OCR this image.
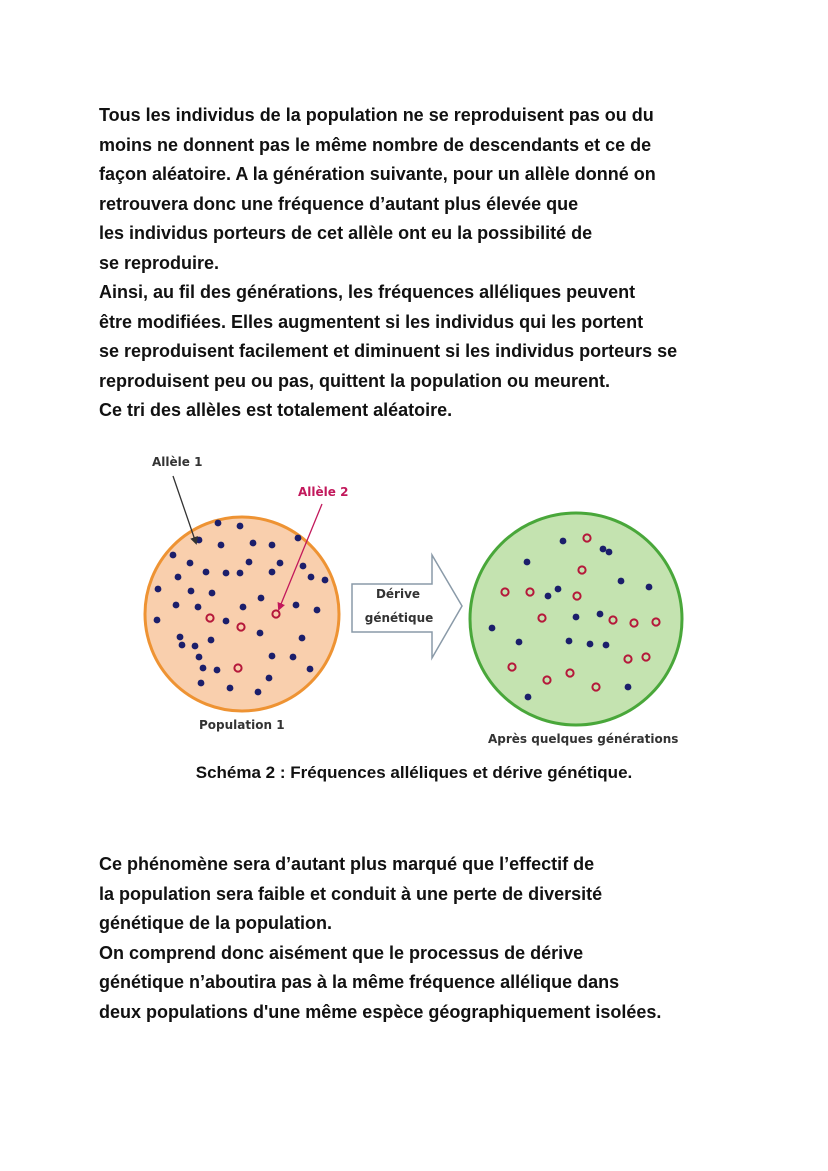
Tous les individus de la population ne se reproduisent pas ou du
moins ne donnent pas le même nombre de descendants et ce de
façon aléatoire. A la génération suivante, pour un allèle donné on
retrouvera donc une fréquence d’autant plus élevée que
les individus porteurs de cet allèle ont eu la possibilité de
se reproduire.
Ainsi, au fil des générations, les fréquences alléliques peuvent
être modifiées. Elles augmentent si les individus qui les portent
se reproduisent facilement et diminuent si les individus porteurs se
reproduisent peu ou pas, quittent la population ou meurent.
Ce tri des allèles est totalement aléatoire.
Dérive
génétique
Allèle 1
Allèle 2
Population 1
Après quelques générations
Schéma 2 : Fréquences alléliques et dérive génétique.
Ce phénomène sera d’autant plus marqué que l’effectif de
la population sera faible et conduit à une perte de diversité
génétique de la population.
On comprend donc aisément que le processus de dérive
génétique n’aboutira pas à la même fréquence allélique dans
deux populations d'une même espèce géographiquement isolées.
